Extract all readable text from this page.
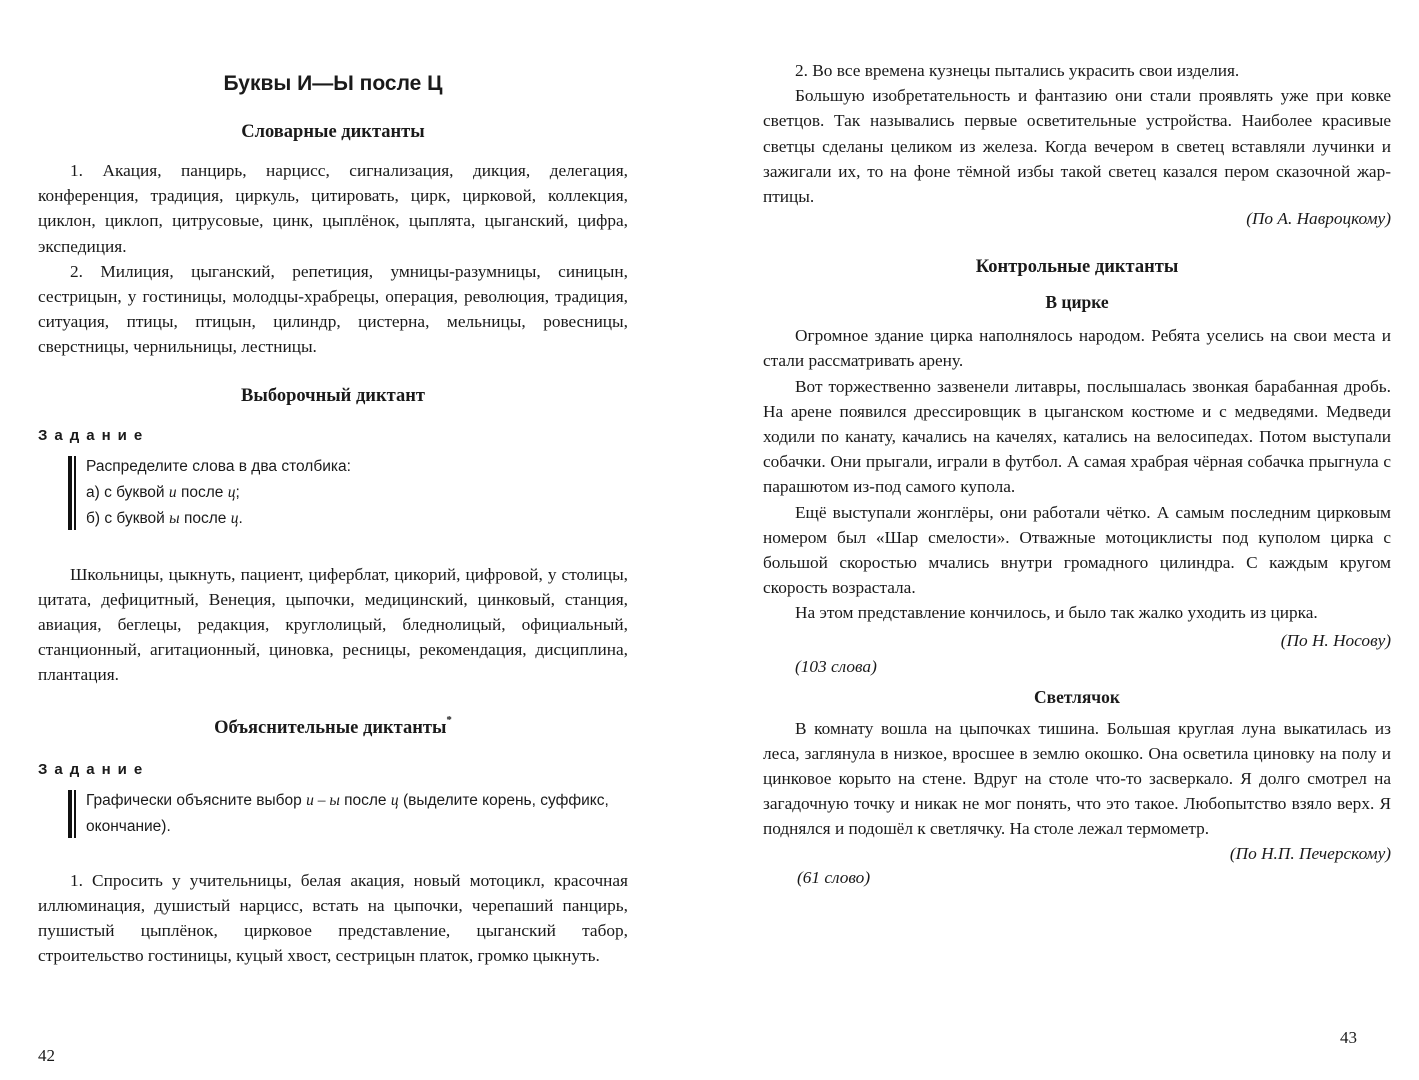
Буквы И—Ы после Ц

Словарные диктанты

1. Акация, панцирь, нарцисс, сигнализация, дикция, делегация, конференция, традиция, циркуль, цитировать, цирк, цирковой, коллекция, циклон, циклоп, цитрусовые, цинк, цыплёнок, цыплята, цыганский, цифра, экспедиция.

2. Милиция, цыганский, репетиция, умницы-разумницы, синицын, сестрицын, у гостиницы, молодцы-храбрецы, операция, революция, традиция, ситуация, птицы, птицын, цилиндр, цистерна, мельницы, ровесницы, сверстницы, чернильницы, лестницы.

Выборочный диктант

Задание

Распределите слова в два столбика:

а) с буквой и после ц;

б) с буквой ы после ц.

Школьницы, цыкнуть, пациент, циферблат, цикорий, цифровой, у столицы, цитата, дефицитный, Венеция, цыпочки, медицинский, цинковый, станция, авиация, беглецы, редакция, круглолицый, бледнолицый, официальный, станционный, агитационный, циновка, ресницы, рекомендация, дисциплина, плантация.

Объяснительные диктанты*

Задание

Графически объясните выбор и – ы после ц (выделите корень, суффикс, окончание).

1. Спросить у учительницы, белая акация, новый мотоцикл, красочная иллюминация, душистый нарцисс, встать на цыпочки, черепаший панцирь, пушистый цыплёнок, цирковое представление, цыганский табор, строительство гостиницы, куцый хвост, сестрицын платок, громко цыкнуть.

42

2. Во все времена кузнецы пытались украсить свои изделия.

Большую изобретательность и фантазию они стали проявлять уже при ковке светцов. Так назывались первые осветительные устройства. Наиболее красивые светцы сделаны целиком из железа. Когда вечером в светец вставляли лучинки и зажигали их, то на фоне тёмной избы такой светец казался пером сказочной жар-птицы.

(По А. Навроцкому)

Контрольные диктанты

В цирке

Огромное здание цирка наполнялось народом. Ребята уселись на свои места и стали рассматривать арену.

Вот торжественно зазвенели литавры, послышалась звонкая барабанная дробь. На арене появился дрессировщик в цыганском костюме и с медведями. Медведи ходили по канату, качались на качелях, катались на велосипедах. Потом выступали собачки. Они прыгали, играли в футбол. А самая храбрая чёрная собачка прыгнула с парашютом из-под самого купола.

Ещё выступали жонглёры, они работали чётко. А самым последним цирковым номером был «Шар смелости». Отважные мотоциклисты под куполом цирка с большой скоростью мчались внутри громадного цилиндра. С каждым кругом скорость возрастала.

На этом представление кончилось, и было так жалко уходить из цирка.

(По Н. Носову)

(103 слова)

Светлячок

В комнату вошла на цыпочках тишина. Большая круглая луна выкатилась из леса, заглянула в низкое, вросшее в землю окошко. Она осветила циновку на полу и цинковое корыто на стене. Вдруг на столе что-то засверкало. Я долго смотрел на загадочную точку и никак не мог понять, что это такое. Любопытство взяло верх. Я поднялся и подошёл к светлячку. На столе лежал термометр.

(По Н.П. Печерскому)

(61 слово)

43
